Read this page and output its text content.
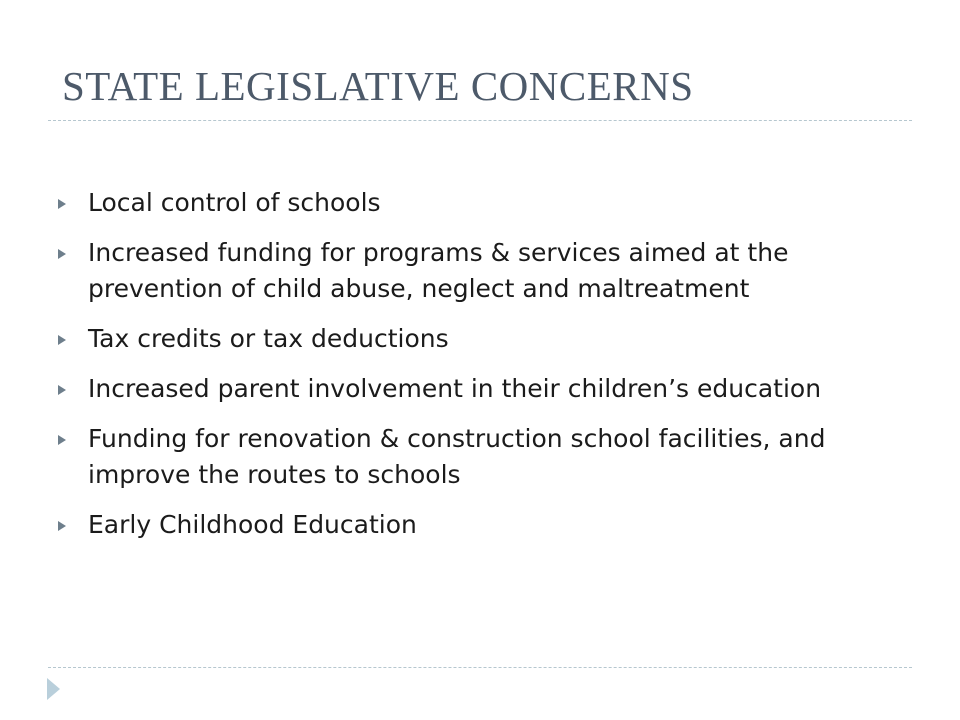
STATE LEGISLATIVE CONCERNS
Local control of schools
Increased funding for programs & services aimed at the prevention of child abuse, neglect and maltreatment
Tax credits or tax deductions
Increased parent involvement in their children’s education
Funding for renovation & construction school facilities, and improve the routes to schools
Early Childhood Education
